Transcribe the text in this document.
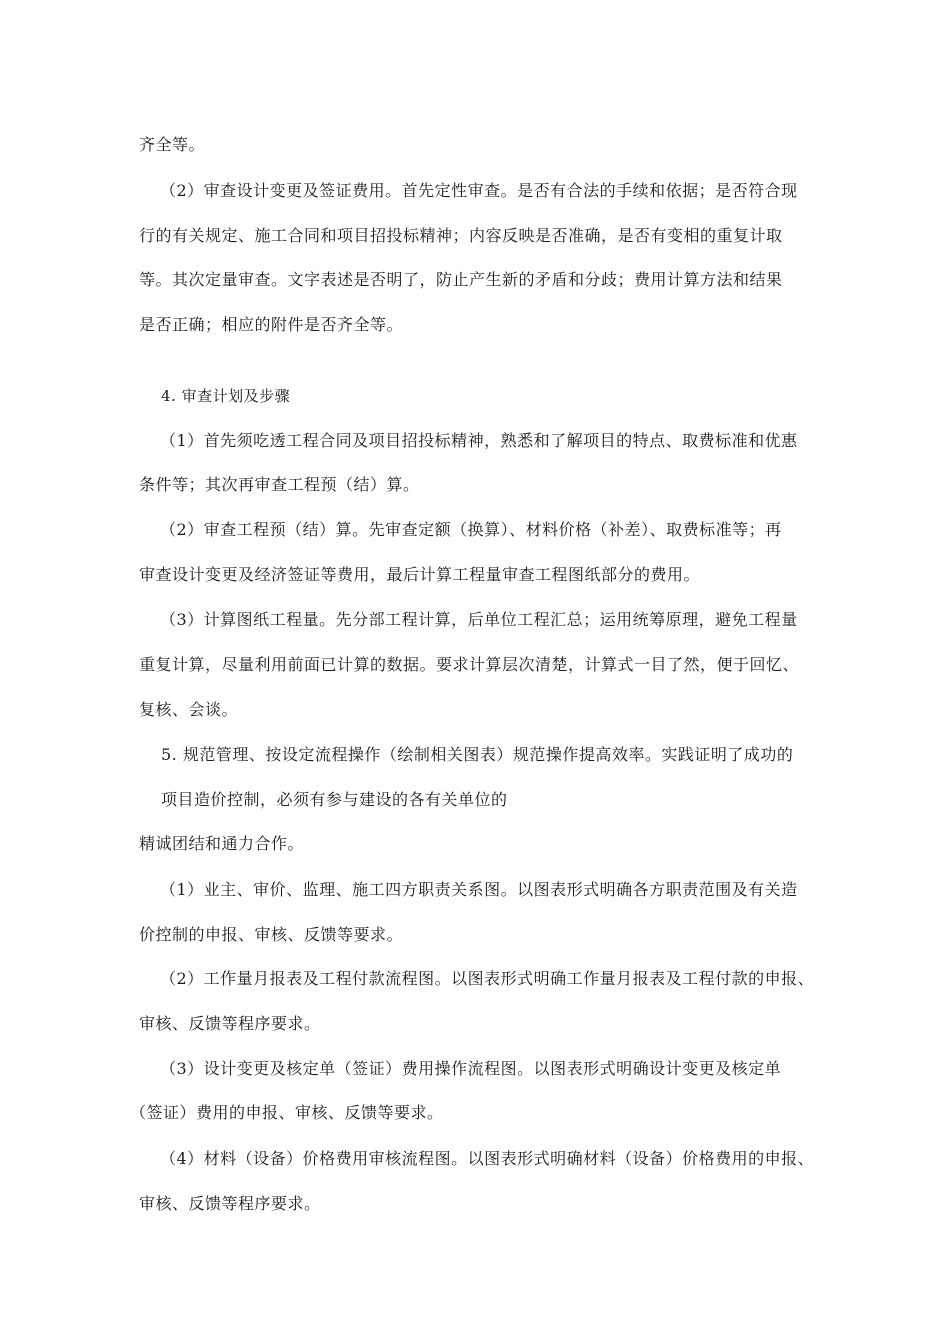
齐全等。
（2）审查设计变更及签证费用。首先定性审查。是否有合法的手续和依据；是否符合现
行的有关规定、施工合同和项目招投标精神；内容反映是否准确，是否有变相的重复计取
等。其次定量审查。文字表述是否明了，防止产生新的矛盾和分歧；费用计算方法和结果
是否正确；相应的附件是否齐全等。
4. 审查计划及步骤
（1）首先须吃透工程合同及项目招投标精神，熟悉和了解项目的特点、取费标准和优惠
条件等；其次再审查工程预（结）算。
（2）审查工程预（结）算。先审查定额（换算）、材料价格（补差）、取费标准等；再
审查设计变更及经济签证等费用，最后计算工程量审查工程图纸部分的费用。
（3）计算图纸工程量。先分部工程计算，后单位工程汇总；运用统筹原理，避免工程量
重复计算，尽量利用前面已计算的数据。要求计算层次清楚，计算式一目了然，便于回忆、
复核、会谈。
5. 规范管理、按设定流程操作（绘制相关图表）规范操作提高效率。实践证明了成功的
项目造价控制，必须有参与建设的各有关单位的
精诚团结和通力合作。
（1）业主、审价、监理、施工四方职责关系图。以图表形式明确各方职责范围及有关造
价控制的申报、审核、反馈等要求。
（2）工作量月报表及工程付款流程图。以图表形式明确工作量月报表及工程付款的申报、
审核、反馈等程序要求。
（3）设计变更及核定单（签证）费用操作流程图。以图表形式明确设计变更及核定单
（签证）费用的申报、审核、反馈等要求。
（4）材料（设备）价格费用审核流程图。以图表形式明确材料（设备）价格费用的申报、
审核、反馈等程序要求。
